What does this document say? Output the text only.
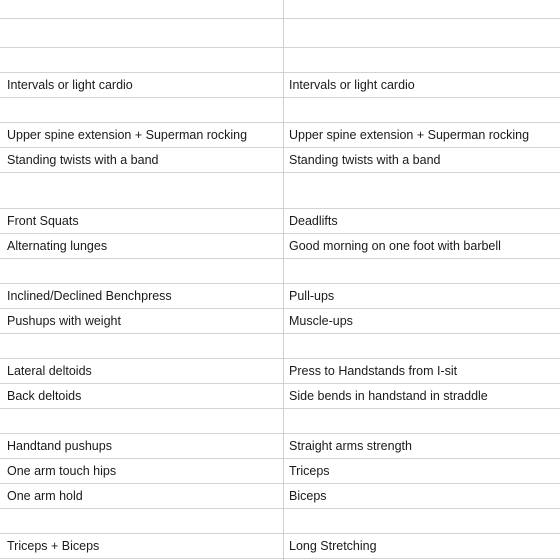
Intervals or light cardio	Intervals or light cardio
Upper spine extension + Superman rocking	Upper spine extension + Superman rocking
Standing twists with a band	Standing twists with a band
Front Squats	Deadlifts
Alternating lunges	Good morning on one foot with barbell
Inclined/Declined Benchpress	Pull-ups
Pushups with weight	Muscle-ups
Lateral deltoids	Press to Handstands from I-sit
Back deltoids	Side bends in handstand in straddle
Handtand pushups	Straight arms strength
One arm touch hips	Triceps
One arm hold	Biceps
Triceps + Biceps	Long Stretching
